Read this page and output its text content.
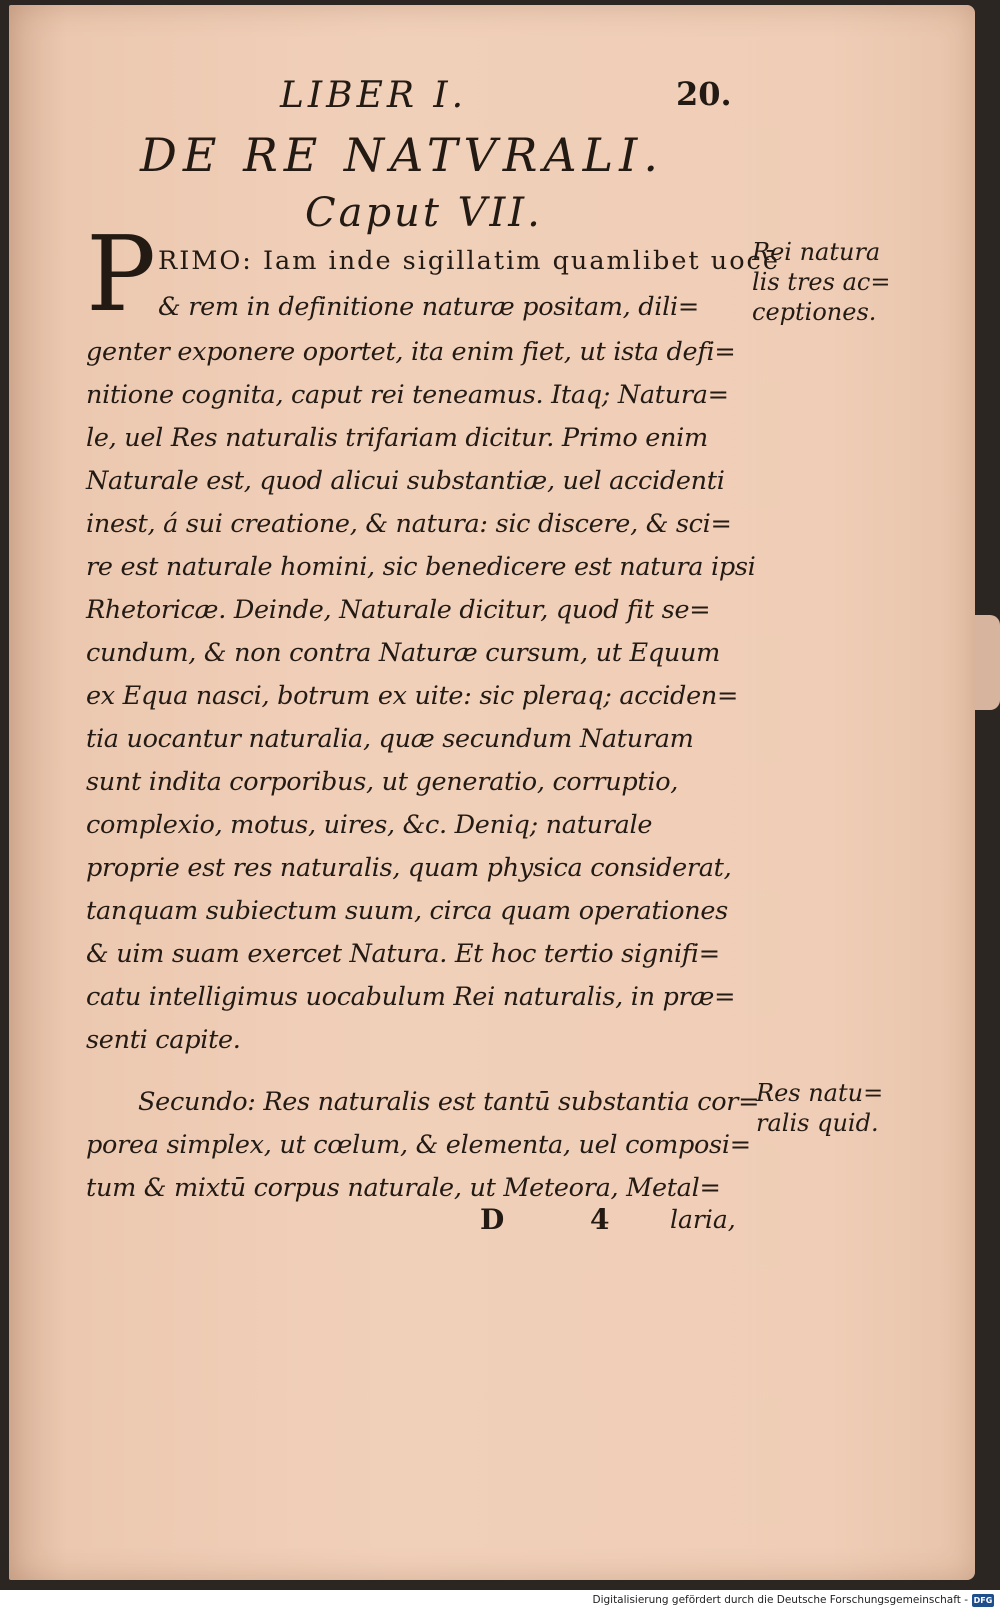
LIBER I.	20.
DE RE NATVRALI.
Caput VII.
P RIMO: Iam inde sigillatim quamlibet uocē
& rem in definitione naturæ positam, dili=
genter exponere oportet, ita enim fiet, ut ista defi=
nitione cognita, caput rei teneamus. Itaq; Natura=
le, uel Res naturalis trifariam dicitur. Primo enim
Naturale est, quod alicui substantiæ, uel accidenti
inest, á sui creatione, & natura: sic discere, & sci=
re est naturale homini, sic benedicere est natura ipsi
Rhetoricæ. Deinde, Naturale dicitur, quod fit se=
cundum, & non contra Naturæ cursum, ut Equum
ex Equa nasci, botrum ex uite: sic pleraq; acciden=
tia uocantur naturalia, quæ secundum Naturam
sunt indita corporibus, ut generatio, corruptio,
complexio, motus, uires, &c. Deniq; naturale
proprie est res naturalis, quam physica considerat,
tanquam subiectum suum, circa quam operationes
& uim suam exercet Natura. Et hoc tertio signifi=
catu intelligimus uocabulum Rei naturalis, in præ=
senti capite.
Secundo: Res naturalis est tantū substantia cor=
porea simplex, ut cœlum, & elementa, uel composi=
tum & mixtū corpus naturale, ut Meteora, Metal=
Rei natura
lis tres ac=
ceptiones.
Res natu=
ralis quid.
D 4 laria,
Digitalisierung gefördert durch die Deutsche Forschungsgemeinschaft - DFG
